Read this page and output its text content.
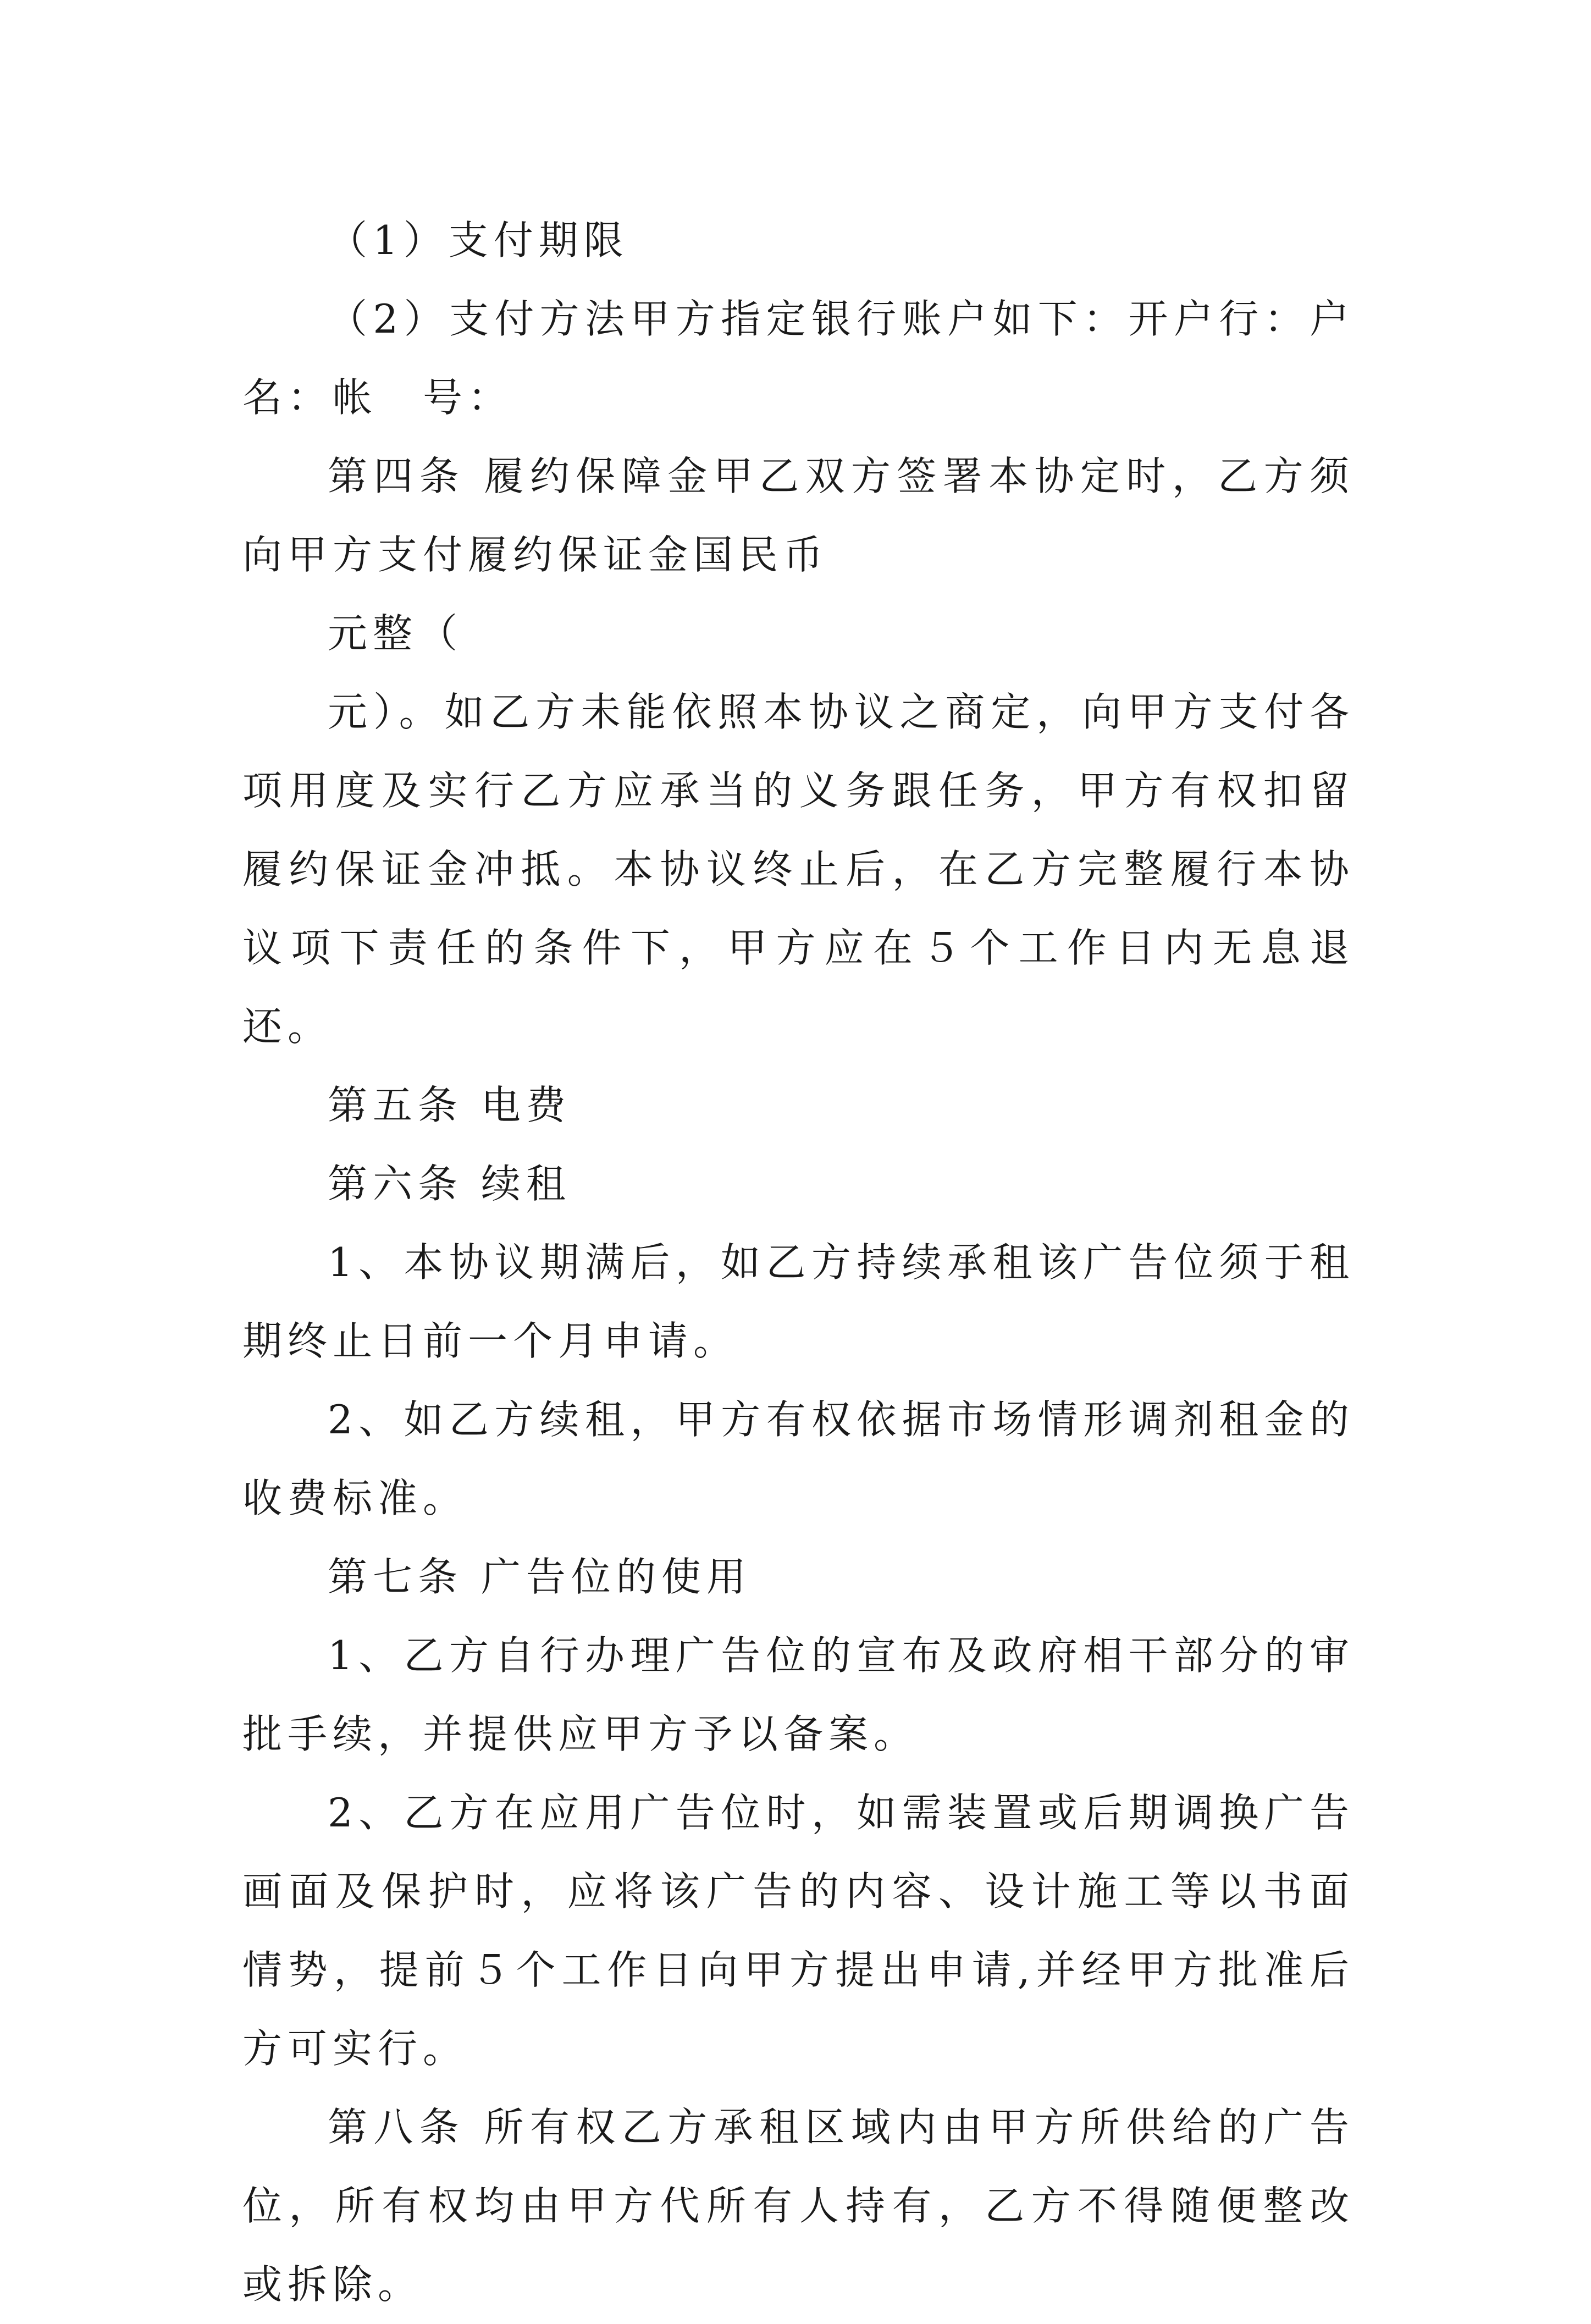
（1）支付期限

（2）支付方法甲方指定银行账户如下：开户行：户　名：帐　号：

第四条 履约保障金甲乙双方签署本协定时，乙方须向甲方支付履约保证金国民币

元整（

元）。如乙方未能依照本协议之商定，向甲方支付各项用度及实行乙方应承当的义务跟任务，甲方有权扣留履约保证金冲抵。本协议终止后，在乙方完整履行本协议项下责任的条件下，甲方应在５个工作日内无息退还。

第五条 电费

第六条 续租

1、本协议期满后，如乙方持续承租该广告位须于租期终止日前一个月申请。

2、如乙方续租，甲方有权依据市场情形调剂租金的收费标准。

第七条 广告位的使用

1、乙方自行办理广告位的宣布及政府相干部分的审批手续，并提供应甲方予以备案。

2、乙方在应用广告位时，如需装置或后期调换广告画面及保护时，应将该广告的内容、设计施工等以书面情势，提前５个工作日向甲方提出申请,并经甲方批准后方可实行。

第八条 所有权乙方承租区域内由甲方所供给的广告位，所有权均由甲方代所有人持有，乙方不得随便整改或拆除。
